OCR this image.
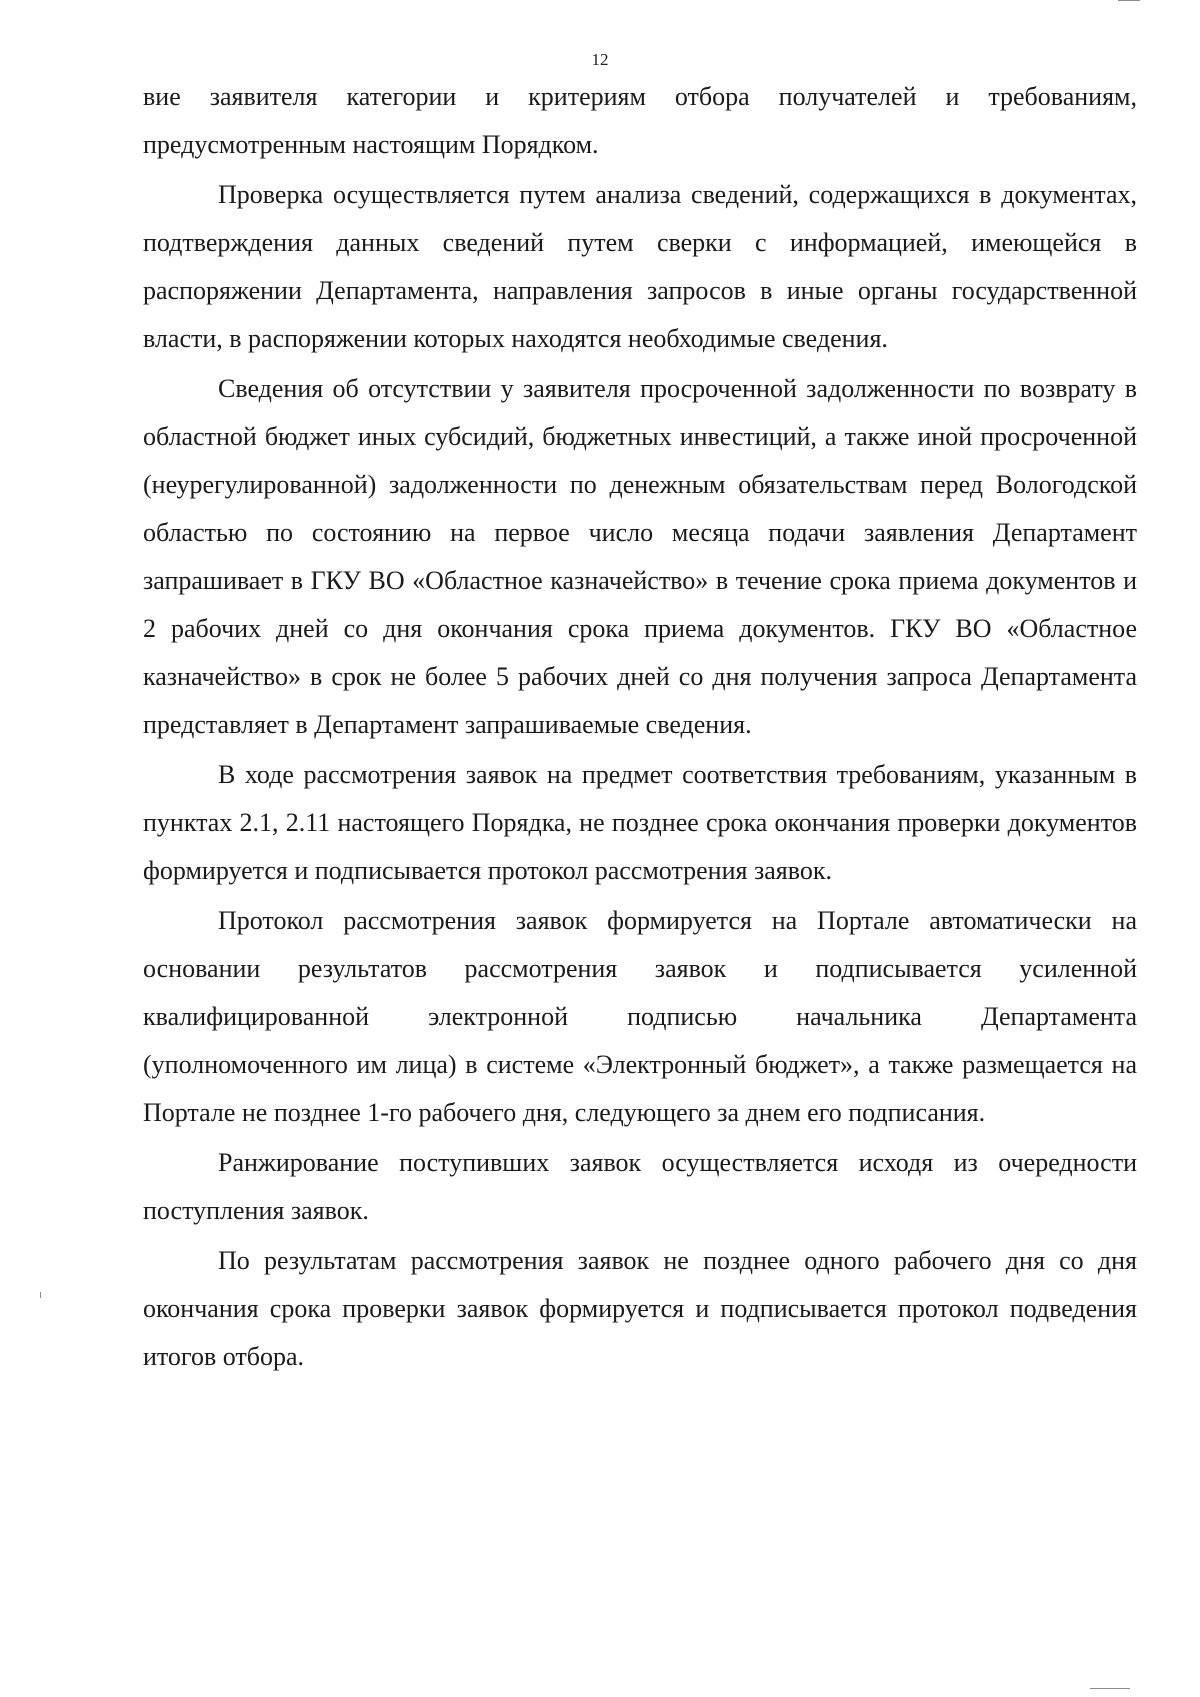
12

вие заявителя категории и критериям отбора получателей и требованиям, предусмотренным настоящим Порядком.

Проверка осуществляется путем анализа сведений, содержащихся в документах, подтверждения данных сведений путем сверки с информацией, имеющейся в распоряжении Департамента, направления запросов в иные органы государственной власти, в распоряжении которых находятся необходимые сведения.

Сведения об отсутствии у заявителя просроченной задолженности по возврату в областной бюджет иных субсидий, бюджетных инвестиций, а также иной просроченной (неурегулированной) задолженности по денежным обязательствам перед Вологодской областью по состоянию на первое число месяца подачи заявления Департамент запрашивает в ГКУ ВО «Областное казначейство» в течение срока приема документов и 2 рабочих дней со дня окончания срока приема документов. ГКУ ВО «Областное казначейство» в срок не более 5 рабочих дней со дня получения запроса Департамента представляет в Департамент запрашиваемые сведения.

В ходе рассмотрения заявок на предмет соответствия требованиям, указанным в пунктах 2.1, 2.11 настоящего Порядка, не позднее срока окончания проверки документов формируется и подписывается протокол рассмотрения заявок.

Протокол рассмотрения заявок формируется на Портале автоматически на основании результатов рассмотрения заявок и подписывается усиленной квалифицированной электронной подписью начальника Департамента (уполномоченного им лица) в системе «Электронный бюджет», а также размещается на Портале не позднее 1-го рабочего дня, следующего за днем его подписания.

Ранжирование поступивших заявок осуществляется исходя из очередности поступления заявок.

По результатам рассмотрения заявок не позднее одного рабочего дня со дня окончания срока проверки заявок формируется и подписывается протокол подведения итогов отбора.
